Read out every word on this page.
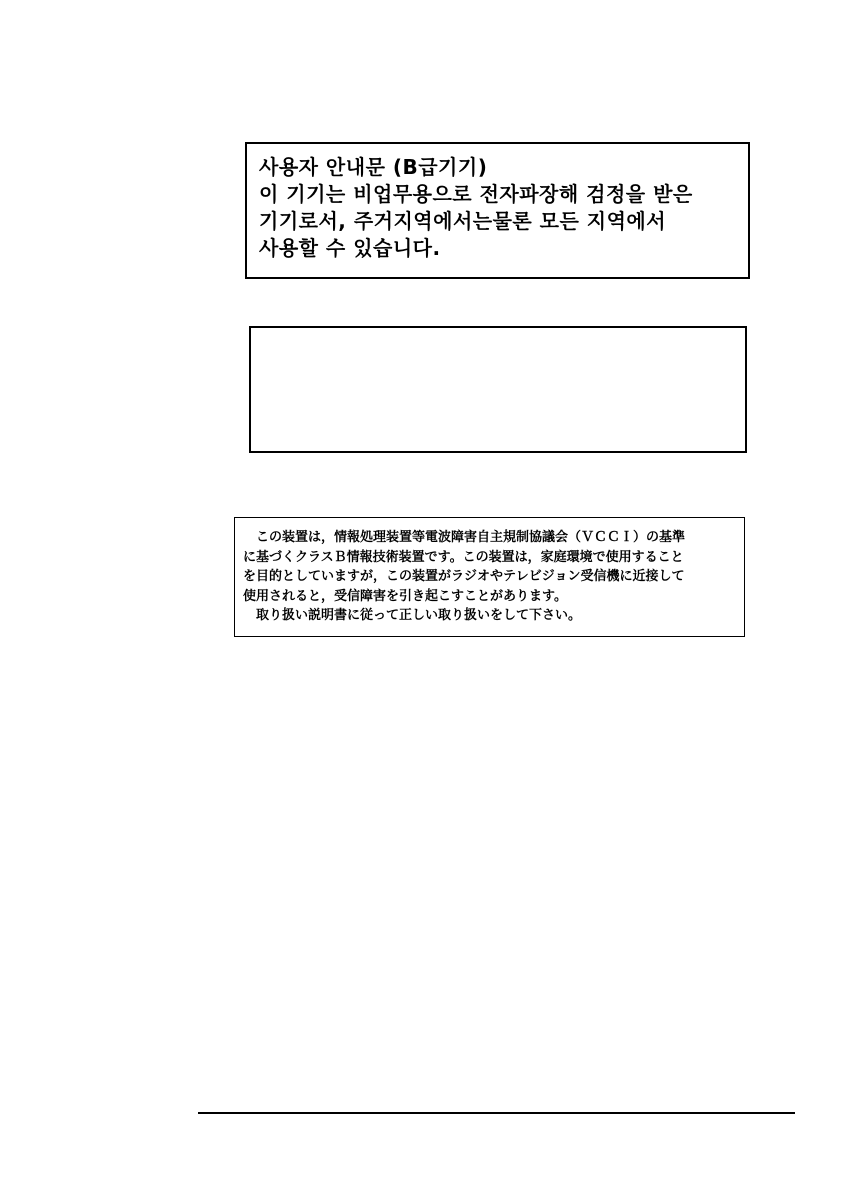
사용자 안내문 (B급기기)
이 기기는 비업무용으로 전자파장해 검정을 받은
기기로서, 주거지역에서는물론 모든 지역에서
사용할 수 있습니다.
この装置は，情報処理装置等電波障害自主規制協議会（ＶＣＣＩ）の基準
に基づくクラスＢ情報技術装置です。この装置は，家庭環境で使用すること
を目的としていますが，この装置がラジオやテレビジョン受信機に近接して
使用されると，受信障害を引き起こすことがあります。
取り扱い説明書に従って正しい取り扱いをして下さい。
